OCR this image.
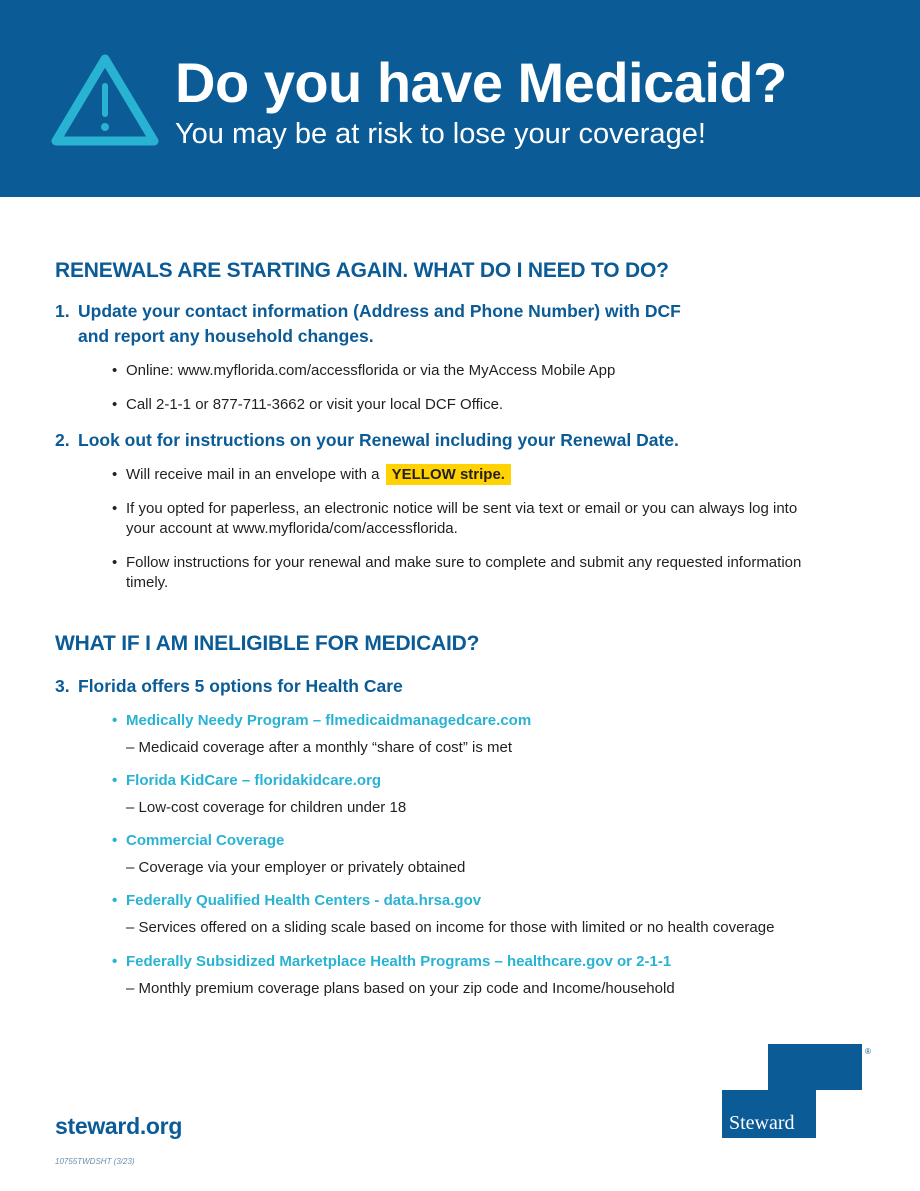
Do you have Medicaid?
You may be at risk to lose your coverage!
RENEWALS ARE STARTING AGAIN. WHAT DO I NEED TO DO?
1. Update your contact information (Address and Phone Number) with DCF
and report any household changes.
• Online: www.myflorida.com/accessflorida or via the MyAccess Mobile App
• Call 2-1-1 or 877-711-3662 or visit your local DCF Office.
2. Look out for instructions on your Renewal including your Renewal Date.
• Will receive mail in an envelope with a YELLOW stripe.
• If you opted for paperless, an electronic notice will be sent via text or email or you can always log into your account at www.myflorida/com/accessflorida.
• Follow instructions for your renewal and make sure to complete and submit any requested information timely.
WHAT IF I AM INELIGIBLE FOR MEDICAID?
3. Florida offers 5 options for Health Care
• Medically Needy Program – flmedicaidmanagedcare.com
– Medicaid coverage after a monthly “share of cost” is met
• Florida KidCare – floridakidcare.org
– Low-cost coverage for children under 18
• Commercial Coverage
– Coverage via your employer or privately obtained
• Federally Qualified Health Centers - data.hrsa.gov
– Services offered on a sliding scale based on income for those with limited or no health coverage
• Federally Subsidized Marketplace Health Programs – healthcare.gov or 2-1-1
– Monthly premium coverage plans based on your zip code and Income/household
steward.org
10755TWDSHT (3/23)
Steward
®
